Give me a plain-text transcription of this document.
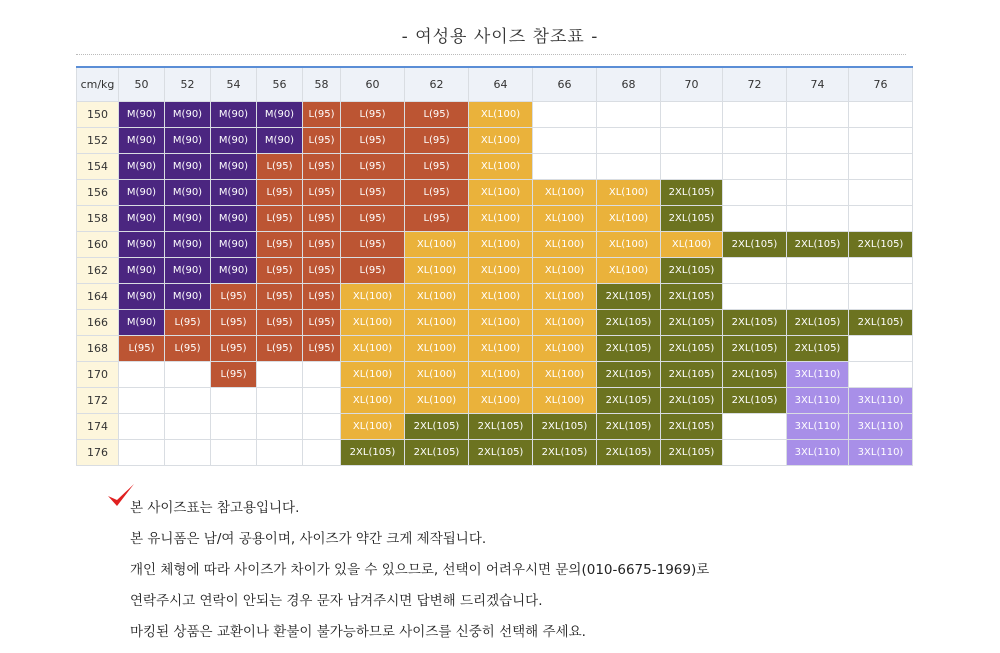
- 여성용 사이즈 참조표 -
cm/kg	50	52	54	56	58	60	62	64	66	68	70	72	74	76
150	M(90)	M(90)	M(90)	M(90)	L(95)	L(95)	L(95)	XL(100)						
152	M(90)	M(90)	M(90)	M(90)	L(95)	L(95)	L(95)	XL(100)						
154	M(90)	M(90)	M(90)	L(95)	L(95)	L(95)	L(95)	XL(100)						
156	M(90)	M(90)	M(90)	L(95)	L(95)	L(95)	L(95)	XL(100)	XL(100)	XL(100)	2XL(105)			
158	M(90)	M(90)	M(90)	L(95)	L(95)	L(95)	L(95)	XL(100)	XL(100)	XL(100)	2XL(105)			
160	M(90)	M(90)	M(90)	L(95)	L(95)	L(95)	XL(100)	XL(100)	XL(100)	XL(100)	XL(100)	2XL(105)	2XL(105)	2XL(105)
162	M(90)	M(90)	M(90)	L(95)	L(95)	L(95)	XL(100)	XL(100)	XL(100)	XL(100)	2XL(105)			
164	M(90)	M(90)	L(95)	L(95)	L(95)	XL(100)	XL(100)	XL(100)	XL(100)	2XL(105)	2XL(105)			
166	M(90)	L(95)	L(95)	L(95)	L(95)	XL(100)	XL(100)	XL(100)	XL(100)	2XL(105)	2XL(105)	2XL(105)	2XL(105)	2XL(105)
168	L(95)	L(95)	L(95)	L(95)	L(95)	XL(100)	XL(100)	XL(100)	XL(100)	2XL(105)	2XL(105)	2XL(105)	2XL(105)	
170			L(95)			XL(100)	XL(100)	XL(100)	XL(100)	2XL(105)	2XL(105)	2XL(105)	3XL(110)	
172						XL(100)	XL(100)	XL(100)	XL(100)	2XL(105)	2XL(105)	2XL(105)	3XL(110)	3XL(110)
174						XL(100)	2XL(105)	2XL(105)	2XL(105)	2XL(105)	2XL(105)		3XL(110)	3XL(110)
176						2XL(105)	2XL(105)	2XL(105)	2XL(105)	2XL(105)	2XL(105)		3XL(110)	3XL(110)
본 사이즈표는 참고용입니다.
본 유니폼은 남/여 공용이며, 사이즈가 약간 크게 제작됩니다.
개인 체형에 따라 사이즈가 차이가 있을 수 있으므로, 선택이 어려우시면 문의(010-6675-1969)로
연락주시고 연락이 안되는 경우 문자 남겨주시면 답변해 드리겠습니다.
마킹된 상품은 교환이나 환불이 불가능하므로 사이즈를 신중히 선택해 주세요.
